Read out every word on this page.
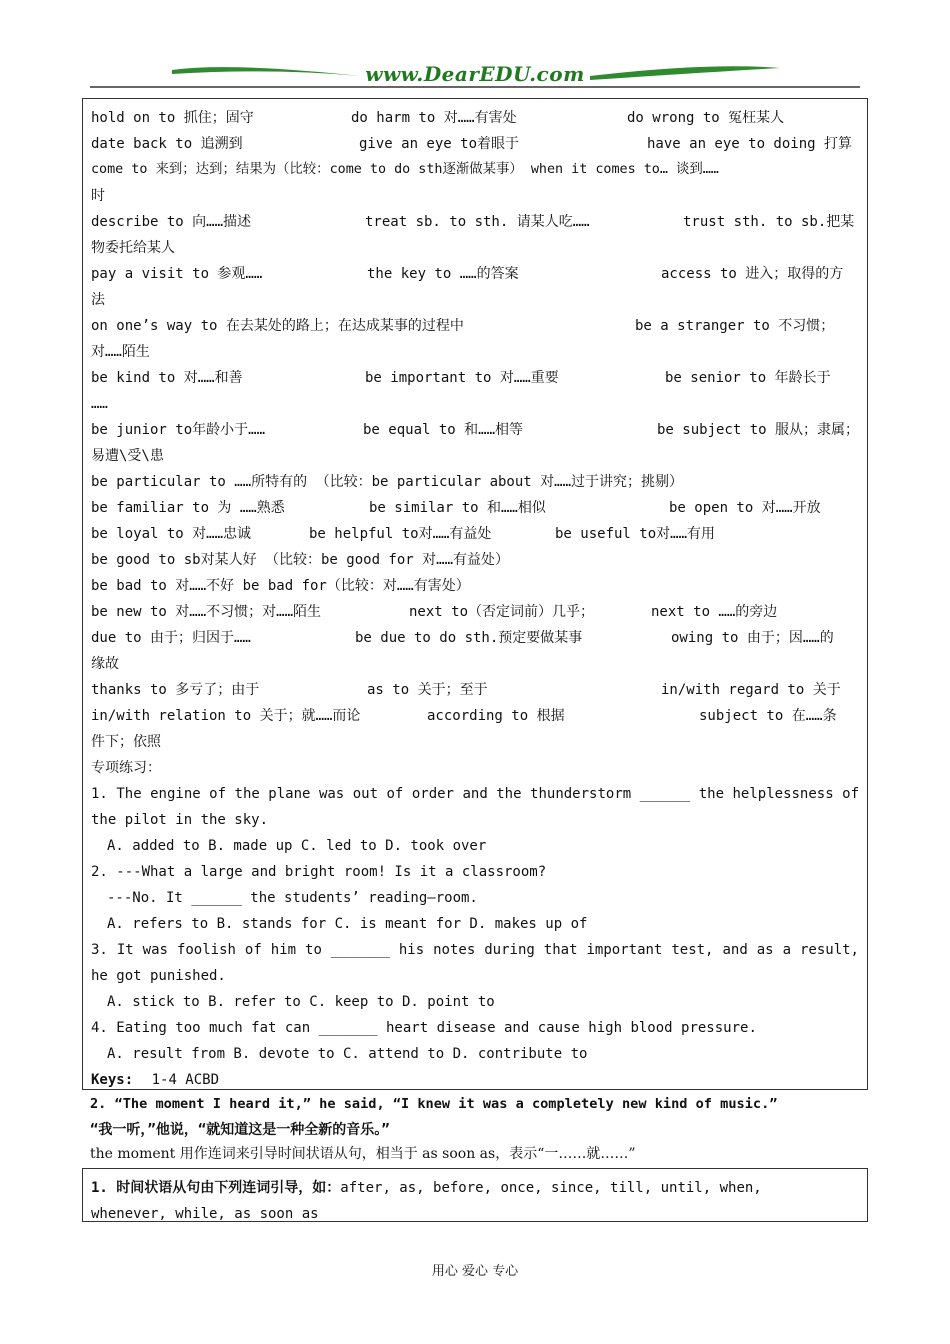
www.DearEDU.com
hold on to 抓住；固守	do harm to 对……有害处	do wrong to 冤枉某人
date back to 追溯到	give an eye to着眼于	have an eye to doing 打算
come to 来到；达到；结果为（比较：come to do sth逐渐做某事） when it comes to… 谈到……
时
describe to 向……描述	treat sb. to sth. 请某人吃……	trust sth. to sb.把某
物委托给某人
pay a visit to 参观……	the key to ……的答案	access to 进入；取得的方
法
on one’s way to 在去某处的路上；在达成某事的过程中	be a stranger to 不习惯；
对……陌生
be kind to 对……和善	be important to 对……重要	be senior to 年龄长于
……
be junior to年龄小于……	be equal to 和……相等	be subject to 服从；隶属；
易遭\受\患
be particular to ……所特有的 （比较：be particular about 对……过于讲究；挑剔）
be familiar to 为 ……熟悉	be similar to 和……相似	be open to 对……开放
be loyal to 对……忠诚	be helpful to对……有益处	be useful to对……有用
be good to sb对某人好 （比较：be good for 对……有益处）
be bad to 对……不好 be bad for（比较：对……有害处）
be new to 对……不习惯；对……陌生	next to（否定词前）几乎；	next to ……的旁边
due to 由于；归因于……	be due to do sth.预定要做某事	owing to 由于；因……的
缘故
thanks to 多亏了；由于	as to 关于；至于	in/with regard to 关于
in/with relation to 关于；就……而论	according to 根据	subject to 在……条
件下；依照
专项练习：
1. The engine of the plane was out of order and the thunderstorm ______ the helplessness of
the pilot in the sky.
A. added to B. made up C. led to D. took over
2. ---What a large and bright room! Is it a classroom?
---No. It ______ the students’ reading—room.
A. refers to B. stands for C. is meant for D. makes up of
3. It was foolish of him to _______ his notes during that important test, and as a result,
he got punished.
A. stick to B. refer to C. keep to D. point to
4. Eating too much fat can _______ heart disease and cause high blood pressure.
A. result from B. devote to C. attend to D. contribute to
Keys: 1-4 ACBD
2. “The moment I heard it,” he said, “I knew it was a completely new kind of music.”
“我一听，”他说，“就知道这是一种全新的音乐。”
the moment 用作连词来引导时间状语从句，相当于 as soon as，表示“一……就……”
1. 时间状语从句由下列连词引导，如：after, as, before, once, since, till, until, when,
whenever, while, as soon as
用心 爱心 专心
